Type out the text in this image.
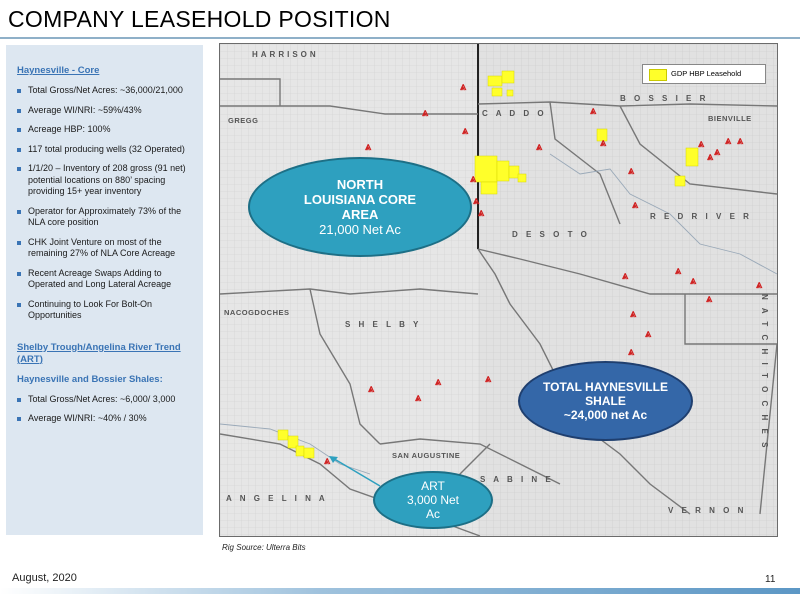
COMPANY LEASEHOLD POSITION
Haynesville - Core
Total Gross/Net Acres: ~36,000/21,000
Average WI/NRI: ~59%/43%
Acreage HBP: 100%
117 total producing wells (32 Operated)
1/1/20 – Inventory of 208 gross (91 net) potential locations on 880’ spacing providing 15+ year inventory
Operator for Approximately 73% of the NLA core position
CHK Joint Venture on most of the remaining 27% of NLA Core Acreage
Recent Acreage Swaps Adding to Operated and Long Lateral Acreage
Continuing to Look For Bolt-On Opportunities
Shelby Trough/Angelina River Trend (ART)
Haynesville and Bossier Shales:
Total Gross/Net Acres: ~6,000/ 3,000
Average WI/NRI: ~40% / 30%
HARRISON
GREGG
C A D D O
B O S S I E R
BIENVILLE
R E D R I V E R
D E S O T O
NACOGDOCHES
S H E L B Y	N A T C H I T O C H E S
SAN AUGUSTINE
S A B I N E
A N G E L I N A
V E R N O N
GDP HBP Leasehold
⩓
⩓
⩓
⩓
⩓
⩓
⩓
⩓
⩓
⩓
⩓
⩓	⩓
⩓
⩓ ⩓
⩓
⩓
⩓	⩓
⩓
⩓
⩓
⩓
⩓
⩓
⩓
⩓
⩓
⩓
NORTH
LOUISIANA CORE
AREA
21,000 Net Ac
TOTAL HAYNESVILLE
SHALE
~24,000 net Ac
ART
3,000 Net
Ac
Rig Source: Ulterra Bits
August, 2020	11
